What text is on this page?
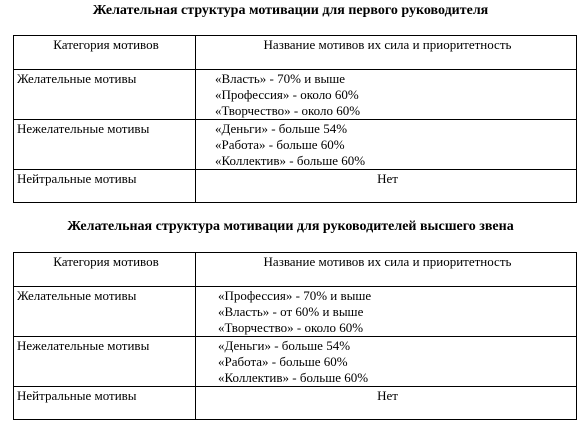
Желательная структура мотивации для первого руководителя
Категория мотивов	Название мотивов их сила и приоритетность
Желательные мотивы	«Власть» - 70% и выше
«Профессия» - около 60%
«Творчество» - около 60%

Нежелательные мотивы	«Деньги» - больше 54%
«Работа» - больше 60%
«Коллектив» - больше 60%

Нейтральные мотивы	Нет
Желательная структура мотивации для руководителей высшего звена
Категория мотивов	Название мотивов их сила и приоритетность
Желательные мотивы	«Профессия» - 70% и выше
«Власть» - от 60% и выше
«Творчество» - около 60%

Нежелательные мотивы	«Деньги» - больше 54%
«Работа» - больше 60%
«Коллектив» - больше 60%

Нейтральные мотивы	Нет
